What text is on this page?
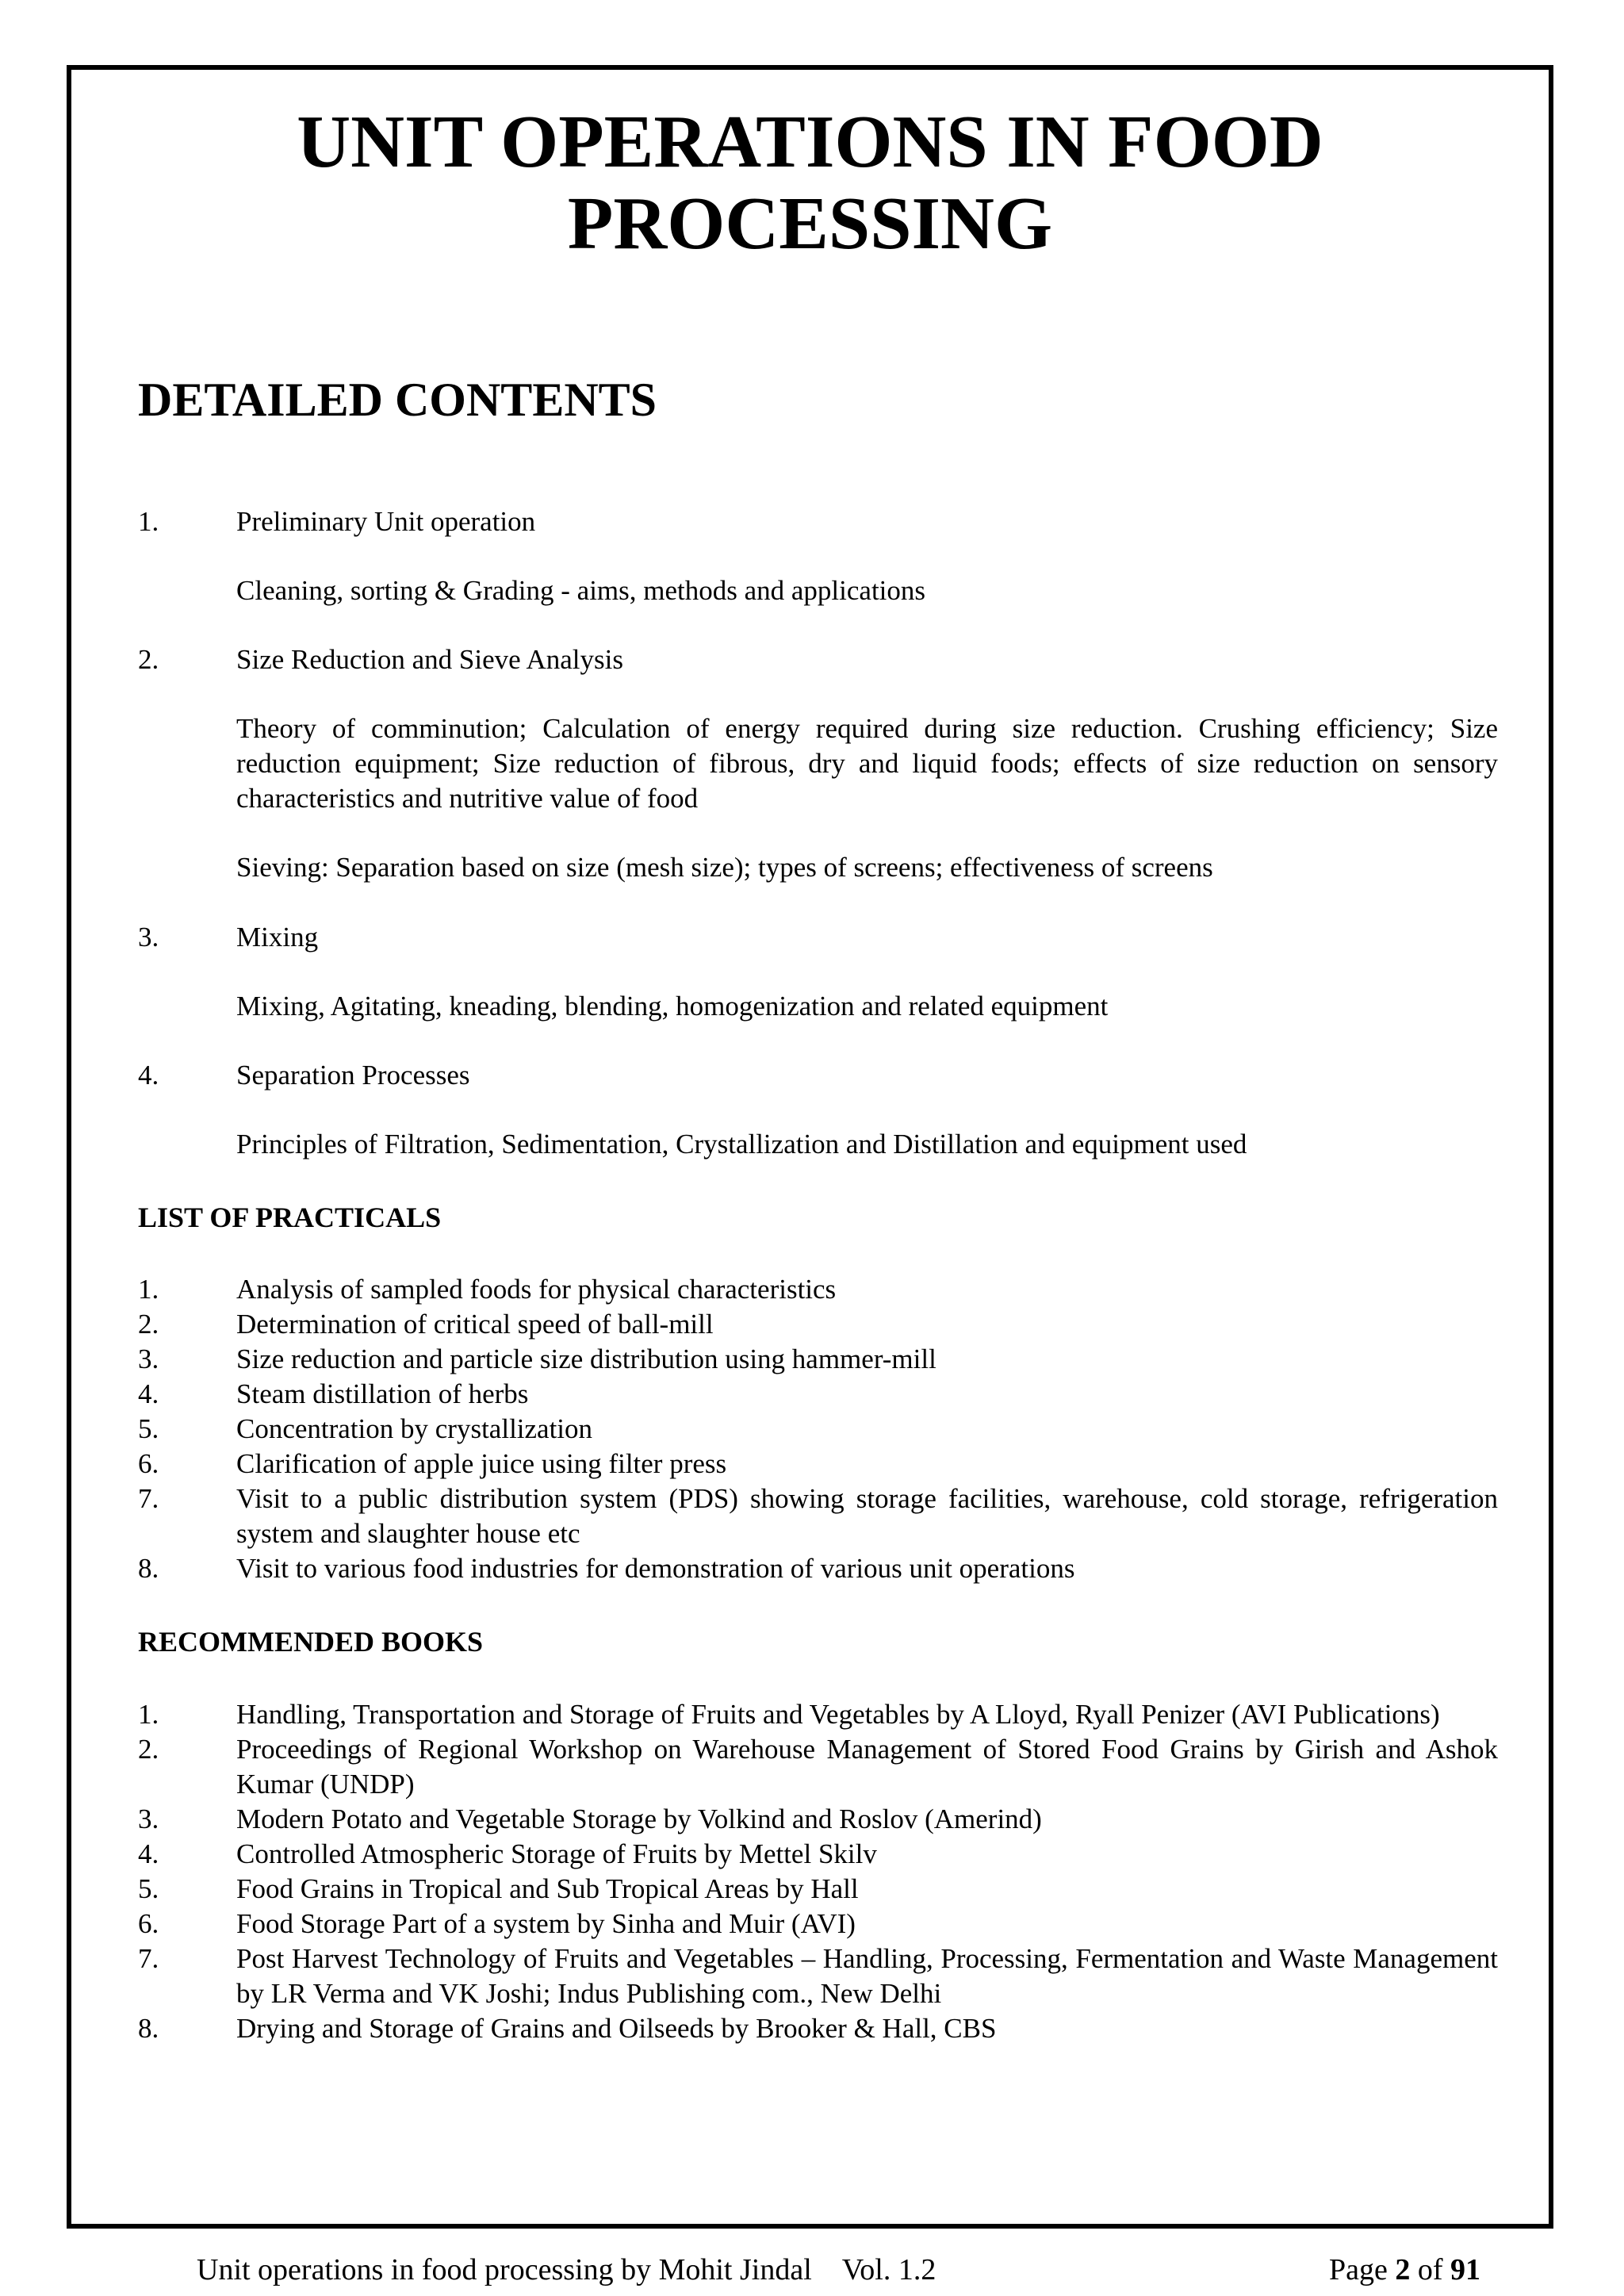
UNIT OPERATIONS IN FOOD
PROCESSING
DETAILED CONTENTS
1.	Preliminary Unit operation
Cleaning, sorting & Grading - aims, methods and applications
2.	Size Reduction and Sieve Analysis
Theory of comminution; Calculation of energy required during size reduction. Crushing efficiency; Size reduction equipment; Size reduction of fibrous, dry and liquid foods; effects of size reduction on sensory characteristics and nutritive value of food
Sieving: Separation based on size (mesh size); types of screens; effectiveness of screens
3.	Mixing
Mixing, Agitating, kneading, blending, homogenization and related equipment
4.	Separation Processes
Principles of Filtration, Sedimentation, Crystallization and Distillation and equipment used
LIST OF PRACTICALS
1.	Analysis of sampled foods for physical characteristics
2.	Determination of critical speed of ball-mill
3.	Size reduction and particle size distribution using hammer-mill
4.	Steam distillation of herbs
5.	Concentration by crystallization
6.	Clarification of apple juice using filter press
7.	Visit to a public distribution system (PDS) showing storage facilities, warehouse, cold storage, refrigeration system and slaughter house etc
8.	Visit to various food industries for demonstration of various unit operations
RECOMMENDED BOOKS
1.	Handling, Transportation and Storage of Fruits and Vegetables by A Lloyd, Ryall Penizer (AVI Publications)
2.	Proceedings of Regional Workshop on Warehouse Management of Stored Food Grains by Girish and Ashok Kumar (UNDP)
3.	Modern Potato and Vegetable Storage by Volkind and Roslov (Amerind)
4.	Controlled Atmospheric Storage of Fruits by Mettel Skilv
5.	Food Grains in Tropical and Sub Tropical Areas by Hall
6.	Food Storage Part of a system by Sinha and Muir (AVI)
7.	Post Harvest Technology of Fruits and Vegetables – Handling, Processing, Fermentation and Waste Management by LR Verma and VK Joshi; Indus Publishing com., New Delhi
8.	Drying and Storage of Grains and Oilseeds by Brooker & Hall, CBS
Unit operations in food processing by Mohit Jindal Vol. 1.2	Page 2 of 91
